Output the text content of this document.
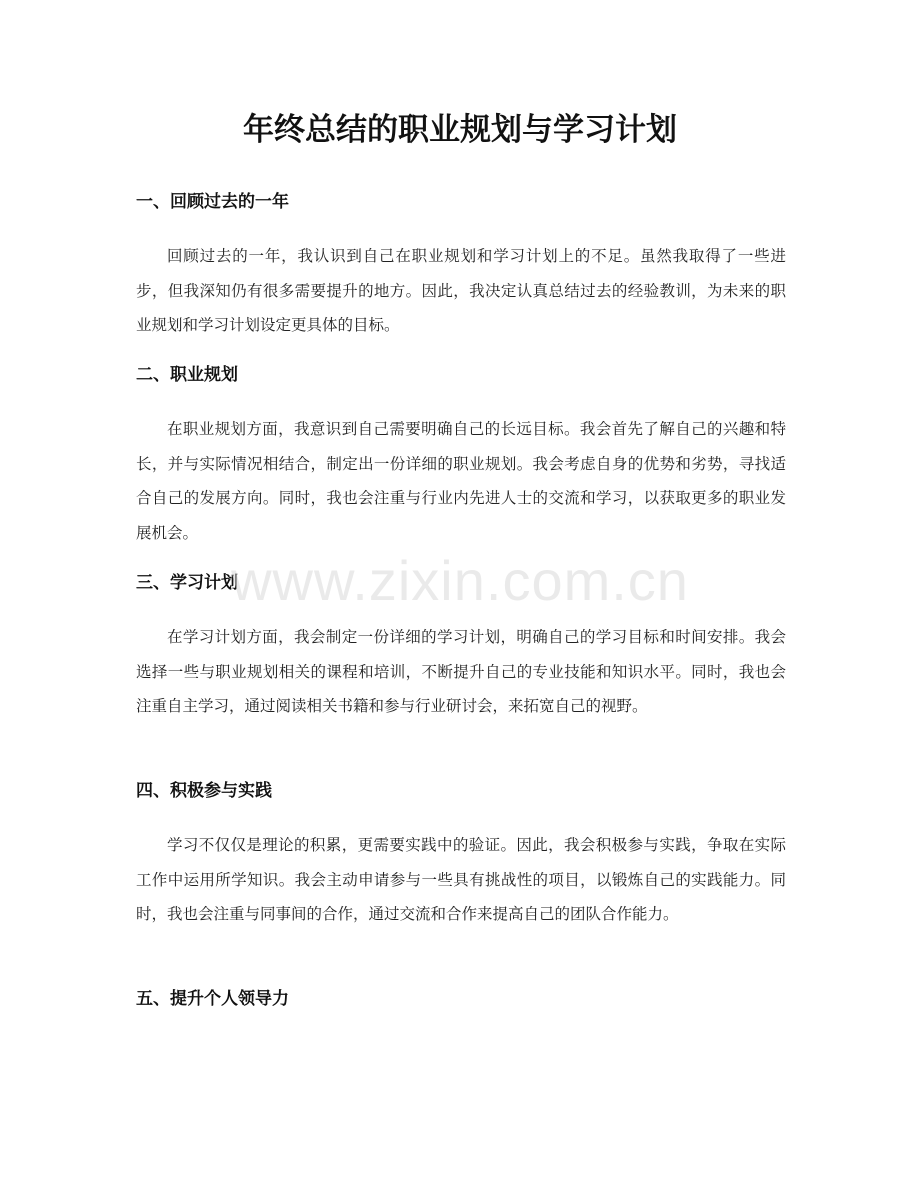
年终总结的职业规划与学习计划
一、回顾过去的一年

回顾过去的一年，我认识到自己在职业规划和学习计划上的不足。虽然我取得了一些进步，但我深知仍有很多需要提升的地方。因此，我决定认真总结过去的经验教训，为未来的职业规划和学习计划设定更具体的目标。

二、职业规划

在职业规划方面，我意识到自己需要明确自己的长远目标。我会首先了解自己的兴趣和特长，并与实际情况相结合，制定出一份详细的职业规划。我会考虑自身的优势和劣势，寻找适合自己的发展方向。同时，我也会注重与行业内先进人士的交流和学习，以获取更多的职业发展机会。

三、学习计划

在学习计划方面，我会制定一份详细的学习计划，明确自己的学习目标和时间安排。我会选择一些与职业规划相关的课程和培训，不断提升自己的专业技能和知识水平。同时，我也会注重自主学习，通过阅读相关书籍和参与行业研讨会，来拓宽自己的视野。

四、积极参与实践

学习不仅仅是理论的积累，更需要实践中的验证。因此，我会积极参与实践，争取在实际工作中运用所学知识。我会主动申请参与一些具有挑战性的项目，以锻炼自己的实践能力。同时，我也会注重与同事间的合作，通过交流和合作来提高自己的团队合作能力。

五、提升个人领导力
www.zixin.com.cn
